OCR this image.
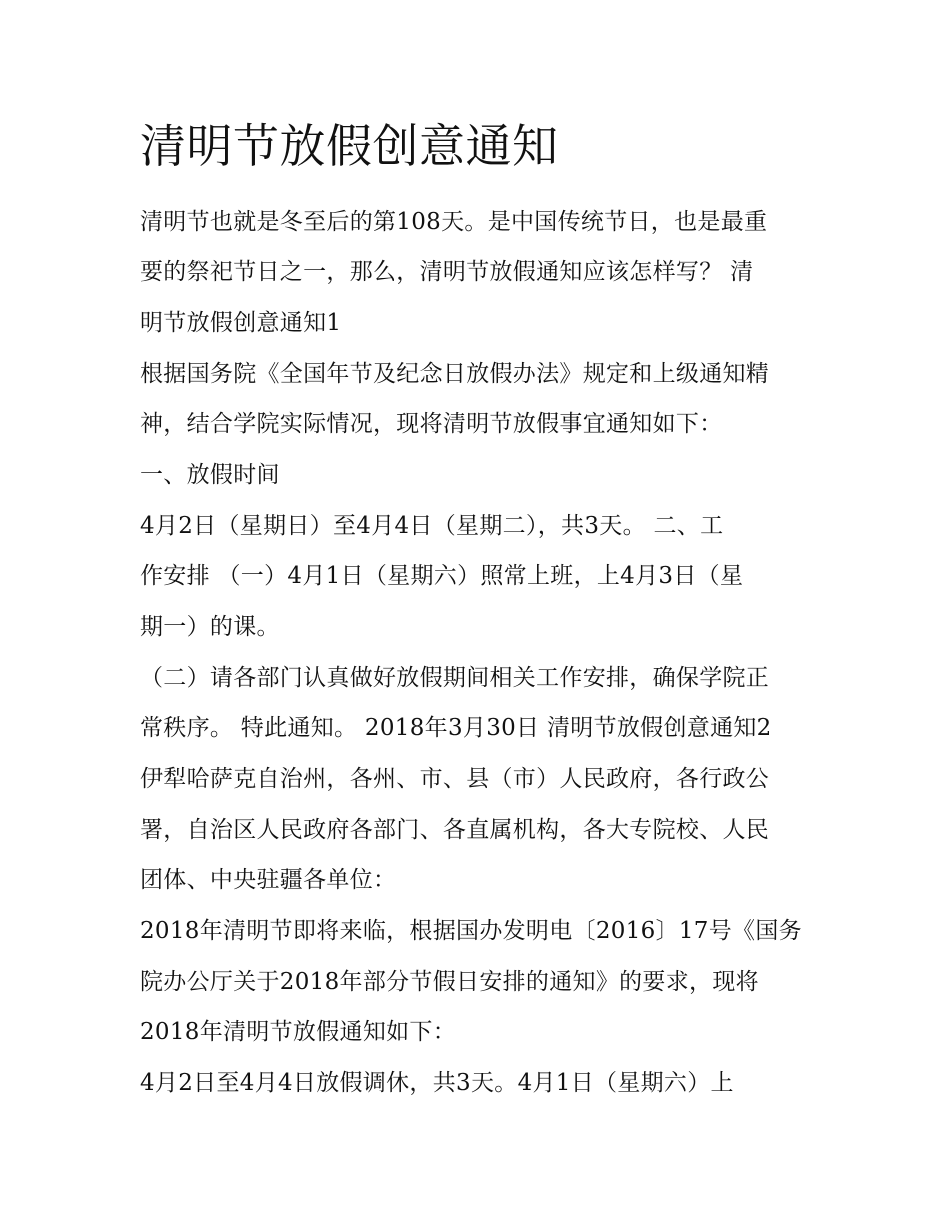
清明节放假创意通知

清明节也就是冬至后的第108天。是中国传统节日，也是最重

要的祭祀节日之一，那么，清明节放假通知应该怎样写？ 清

明节放假创意通知1

根据国务院《全国年节及纪念日放假办法》规定和上级通知精

神，结合学院实际情况，现将清明节放假事宜通知如下：

一、放假时间

4月2日（星期日）至4月4日（星期二），共3天。 二、工

作安排 （一）4月1日（星期六）照常上班，上4月3日（星

期一）的课。

（二）请各部门认真做好放假期间相关工作安排，确保学院正

常秩序。 特此通知。 2018年3月30日 清明节放假创意通知2

伊犁哈萨克自治州，各州、市、县（市）人民政府，各行政公

署，自治区人民政府各部门、各直属机构，各大专院校、人民

团体、中央驻疆各单位：

2018年清明节即将来临，根据国办发明电〔2016〕17号《国务

院办公厅关于2018年部分节假日安排的通知》的要求，现将

2018年清明节放假通知如下：

4月2日至4月4日放假调休，共3天。4月1日（星期六）上
